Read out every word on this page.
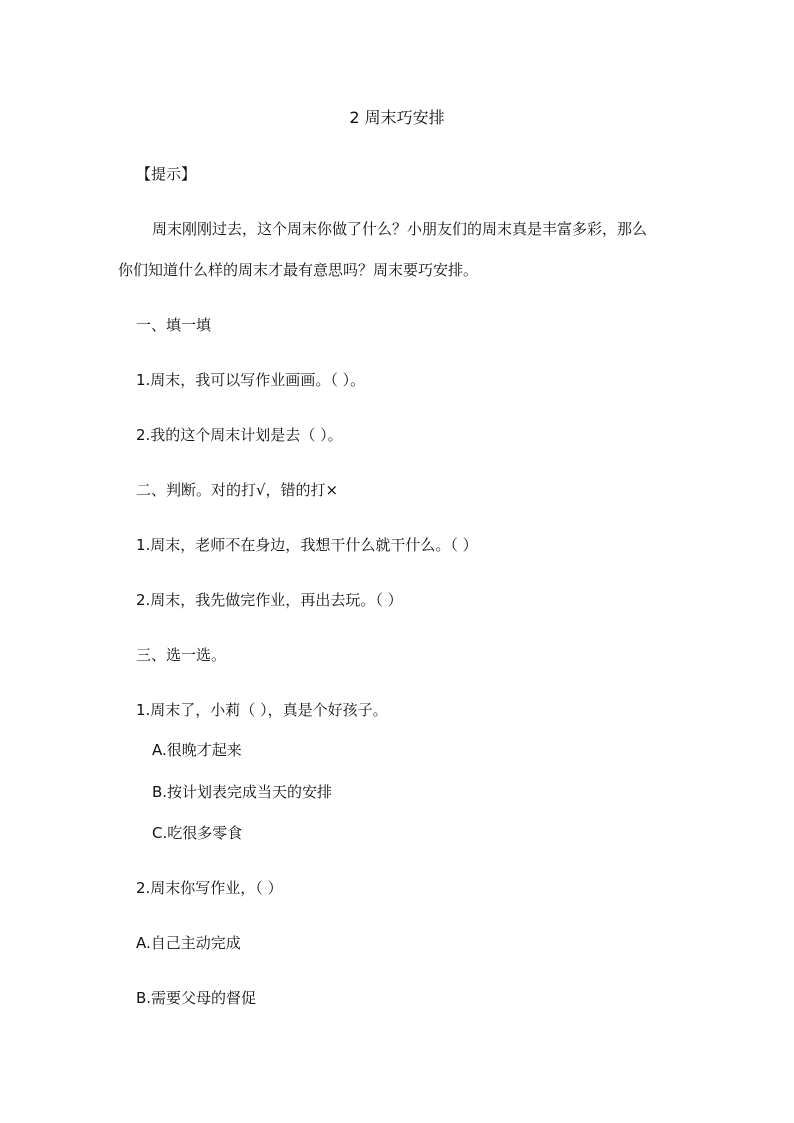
2 周末巧安排

【提示】

周末刚刚过去，这个周末你做了什么？小朋友们的周末真是丰富多彩，那么

你们知道什么样的周末才最有意思吗？周末要巧安排。

一、填一填

1.周末，我可以写作业画画。（ ）。

2.我的这个周末计划是去（ ）。

二、判断。对的打√，错的打×

1.周末，老师不在身边，我想干什么就干什么。（ ）

2.周末，我先做完作业，再出去玩。（ ）

三、选一选。

1.周末了，小莉（ ），真是个好孩子。

A.很晚才起来

B.按计划表完成当天的安排

C.吃很多零食

2.周末你写作业，（ ）

A.自己主动完成

B.需要父母的督促
